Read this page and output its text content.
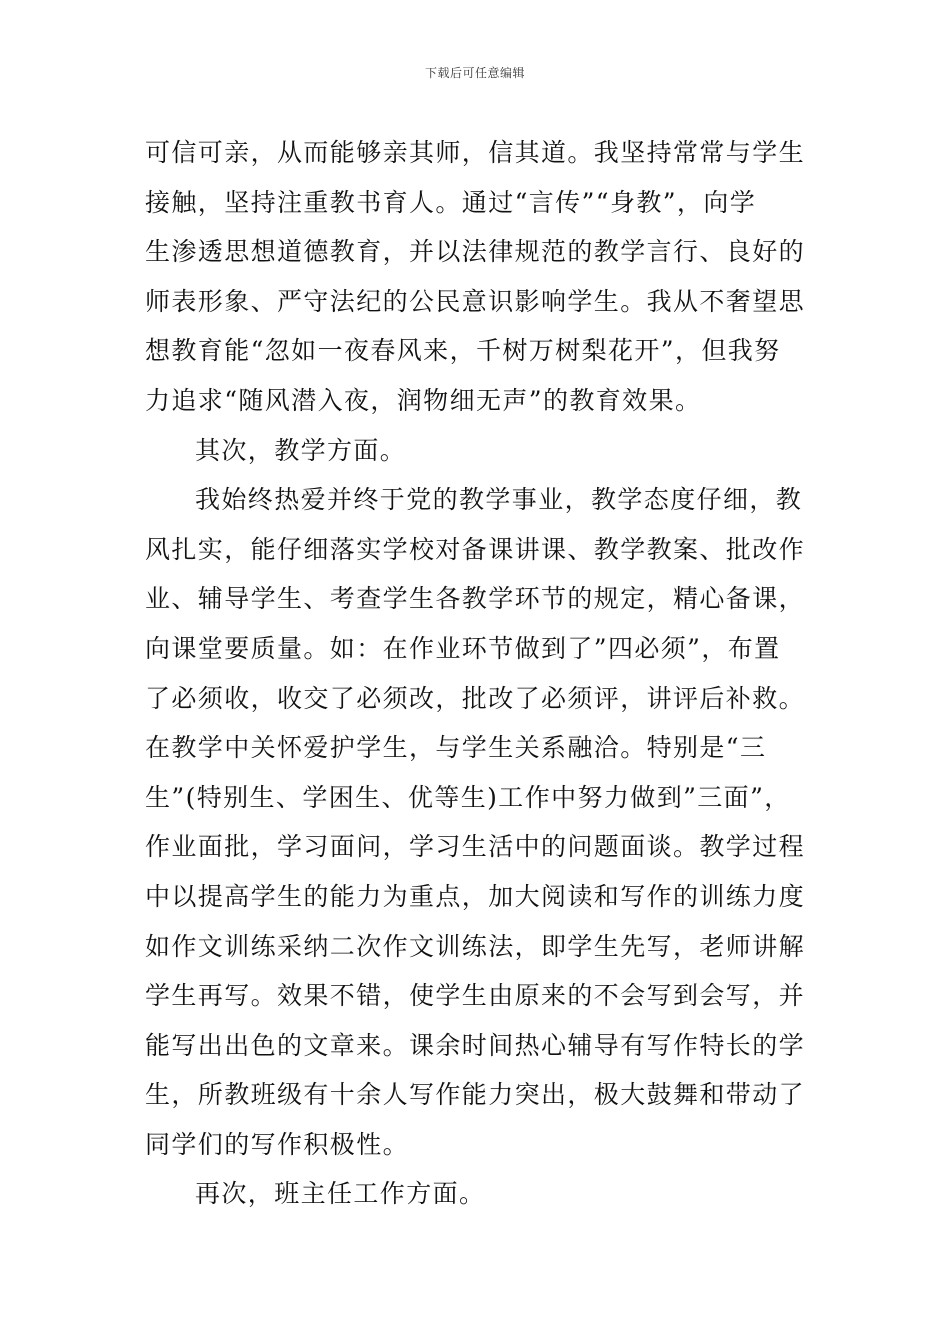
下载后可任意编辑
可信可亲，从而能够亲其师，信其道。我坚持常常与学生
接触，坚持注重教书育人。通过“言传”“身教”，向学
生渗透思想道德教育，并以法律规范的教学言行、良好的
师表形象、严守法纪的公民意识影响学生。我从不奢望思
想教育能“忽如一夜春风来，千树万树梨花开”，但我努
力追求“随风潜入夜，润物细无声”的教育效果。
其次，教学方面。
我始终热爱并终于党的教学事业，教学态度仔细，教
风扎实，能仔细落实学校对备课讲课、教学教案、批改作
业、辅导学生、考查学生各教学环节的规定，精心备课，
向课堂要质量。如：在作业环节做到了”四必须”，布置
了必须收，收交了必须改，批改了必须评，讲评后补救。
在教学中关怀爱护学生，与学生关系融洽。特别是“三
生”(特别生、学困生、优等生)工作中努力做到”三面”，
作业面批，学习面问，学习生活中的问题面谈。教学过程
中以提高学生的能力为重点，加大阅读和写作的训练力度
如作文训练采纳二次作文训练法，即学生先写，老师讲解
学生再写。效果不错，使学生由原来的不会写到会写，并
能写出出色的文章来。课余时间热心辅导有写作特长的学
生，所教班级有十余人写作能力突出，极大鼓舞和带动了
同学们的写作积极性。
再次，班主任工作方面。
